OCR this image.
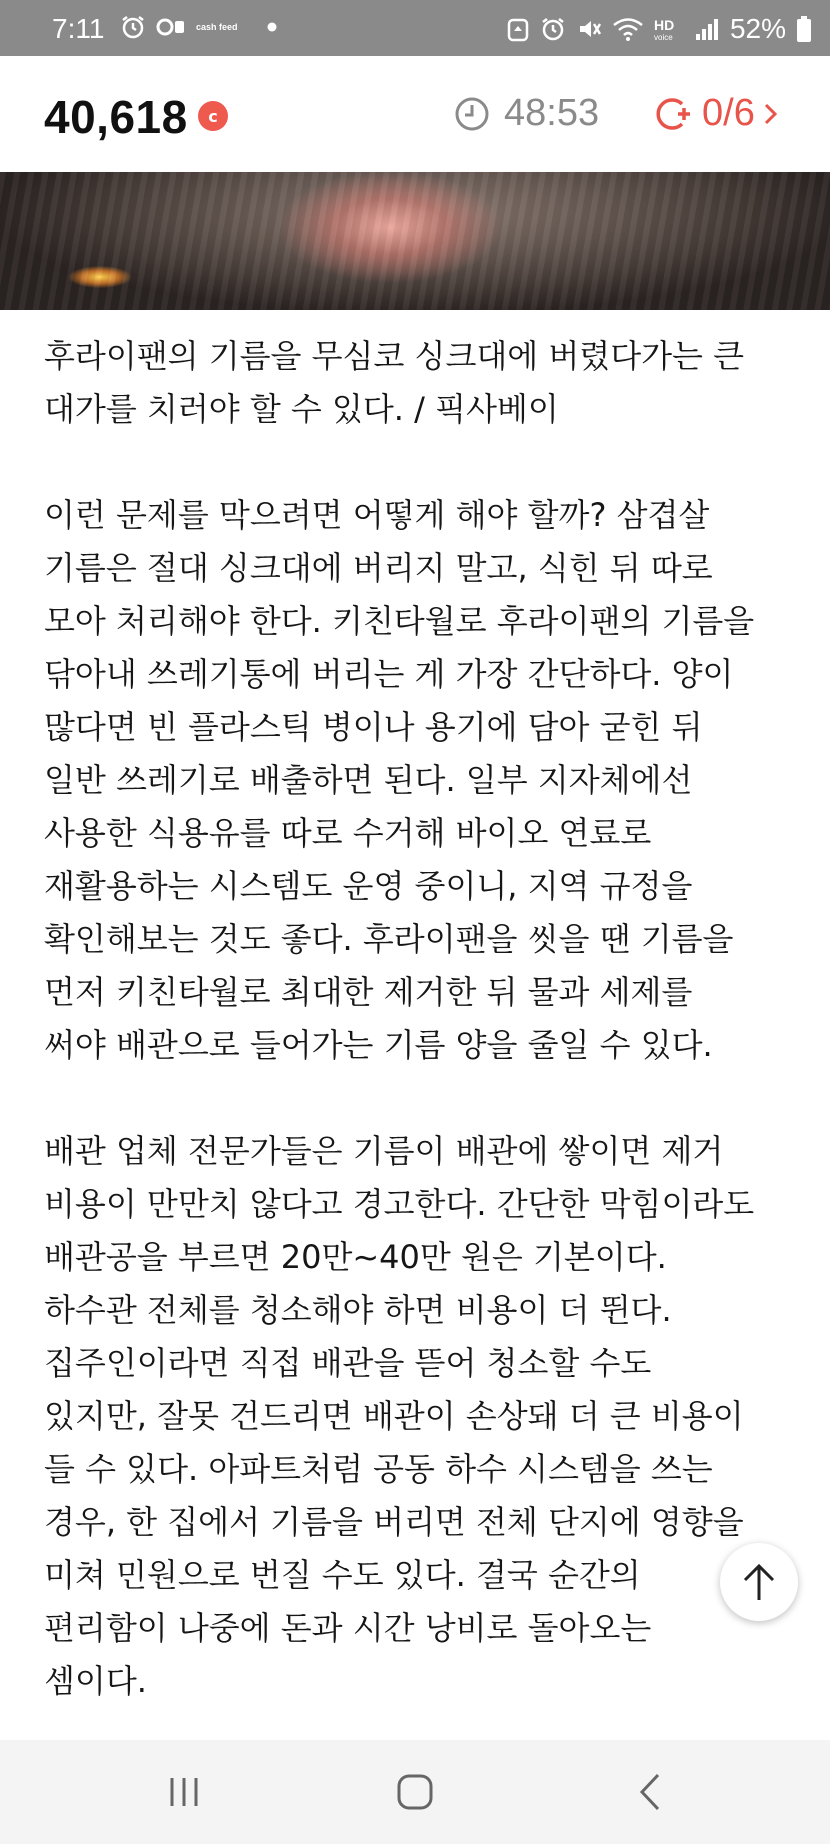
7:11	cash feed	HD
voice 52%
40,618	c	48:53	0/6

후라이팬의 기름을 무심코 싱크대에 버렸다가는 큰

대가를 치러야 할 수 있다. / 픽사베이

이런 문제를 막으려면 어떻게 해야 할까? 삼겹살

기름은 절대 싱크대에 버리지 말고, 식힌 뒤 따로

모아 처리해야 한다. 키친타월로 후라이팬의 기름을

닦아내 쓰레기통에 버리는 게 가장 간단하다. 양이

많다면 빈 플라스틱 병이나 용기에 담아 굳힌 뒤

일반 쓰레기로 배출하면 된다. 일부 지자체에선

사용한 식용유를 따로 수거해 바이오 연료로

재활용하는 시스템도 운영 중이니, 지역 규정을

확인해보는 것도 좋다. 후라이팬을 씻을 땐 기름을

먼저 키친타월로 최대한 제거한 뒤 물과 세제를

써야 배관으로 들어가는 기름 양을 줄일 수 있다.

배관 업체 전문가들은 기름이 배관에 쌓이면 제거

비용이 만만치 않다고 경고한다. 간단한 막힘이라도

배관공을 부르면 20만~40만 원은 기본이다.

하수관 전체를 청소해야 하면 비용이 더 뛴다.

집주인이라면 직접 배관을 뜯어 청소할 수도

있지만, 잘못 건드리면 배관이 손상돼 더 큰 비용이

들 수 있다. 아파트처럼 공동 하수 시스템을 쓰는

경우, 한 집에서 기름을 버리면 전체 단지에 영향을

미쳐 민원으로 번질 수도 있다. 결국 순간의

편리함이 나중에 돈과 시간 낭비로 돌아오는

셈이다.
